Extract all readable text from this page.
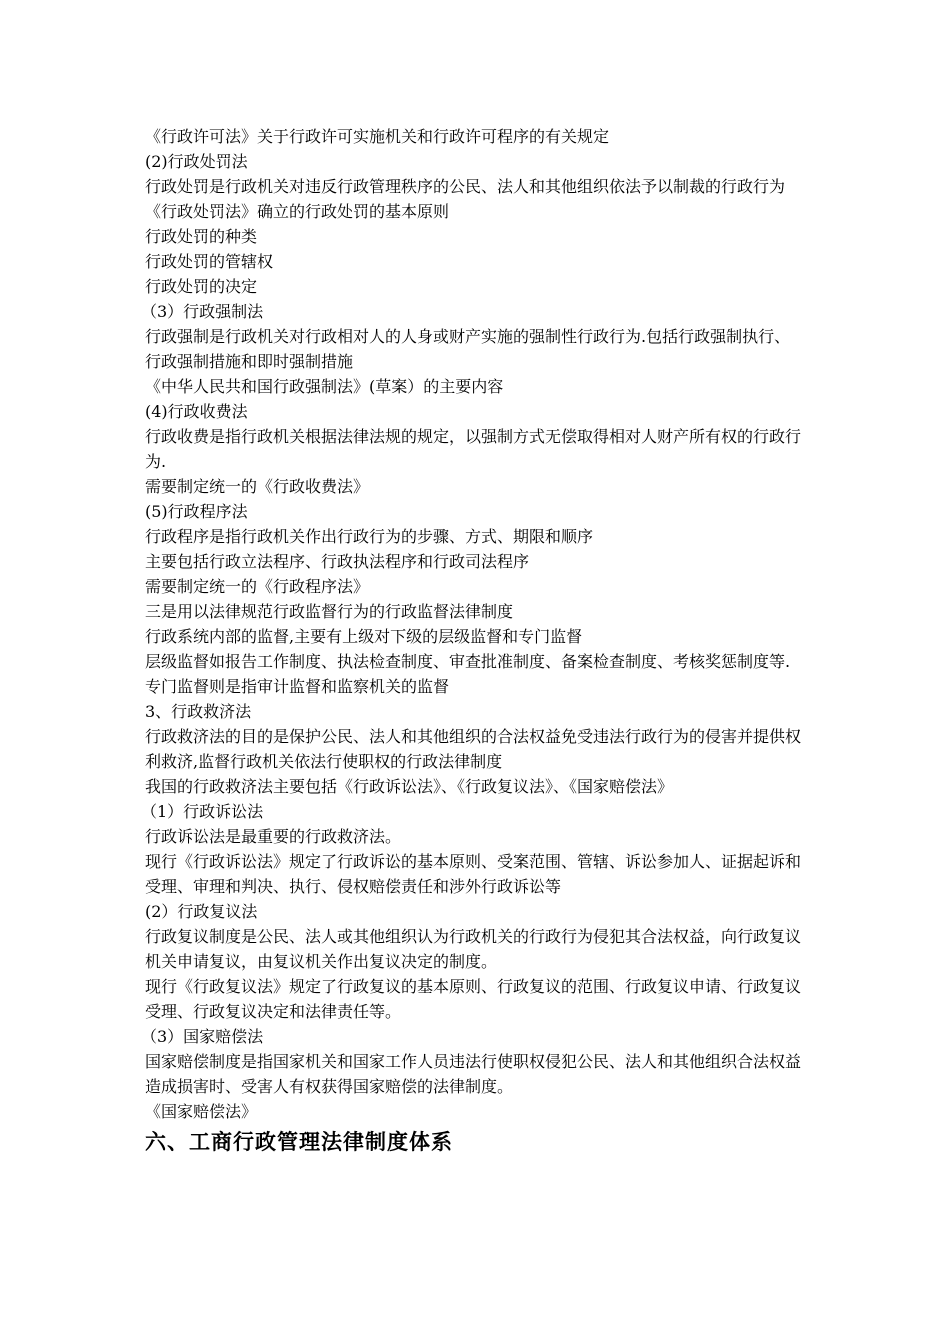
《行政许可法》关于行政许可实施机关和行政许可程序的有关规定

(2)行政处罚法

行政处罚是行政机关对违反行政管理秩序的公民、法人和其他组织依法予以制裁的行政行为

《行政处罚法》确立的行政处罚的基本原则

行政处罚的种类

行政处罚的管辖权

行政处罚的决定

（3）行政强制法

行政强制是行政机关对行政相对人的人身或财产实施的强制性行政行为.包括行政强制执行、行政强制措施和即时强制措施

《中华人民共和国行政强制法》(草案）的主要内容

(4)行政收费法

行政收费是指行政机关根据法律法规的规定，以强制方式无偿取得相对人财产所有权的行政行为.

需要制定统一的《行政收费法》

(5)行政程序法

行政程序是指行政机关作出行政行为的步骤、方式、期限和顺序

主要包括行政立法程序、行政执法程序和行政司法程序

需要制定统一的《行政程序法》

三是用以法律规范行政监督行为的行政监督法律制度

行政系统内部的监督,主要有上级对下级的层级监督和专门监督

层级监督如报告工作制度、执法检查制度、审查批准制度、备案检查制度、考核奖惩制度等.

专门监督则是指审计监督和监察机关的监督

3、行政救济法

行政救济法的目的是保护公民、法人和其他组织的合法权益免受违法行政行为的侵害并提供权利救济,监督行政机关依法行使职权的行政法律制度

我国的行政救济法主要包括《行政诉讼法》、《行政复议法》、《国家赔偿法》

（1）行政诉讼法

行政诉讼法是最重要的行政救济法。

现行《行政诉讼法》规定了行政诉讼的基本原则、受案范围、管辖、诉讼参加人、证据起诉和受理、审理和判决、执行、侵权赔偿责任和涉外行政诉讼等

(2）行政复议法

行政复议制度是公民、法人或其他组织认为行政机关的行政行为侵犯其合法权益，向行政复议机关申请复议，由复议机关作出复议决定的制度。

现行《行政复议法》规定了行政复议的基本原则、行政复议的范围、行政复议申请、行政复议受理、行政复议决定和法律责任等。

（3）国家赔偿法

国家赔偿制度是指国家机关和国家工作人员违法行使职权侵犯公民、法人和其他组织合法权益造成损害时、受害人有权获得国家赔偿的法律制度。

《国家赔偿法》

六、工商行政管理法律制度体系
